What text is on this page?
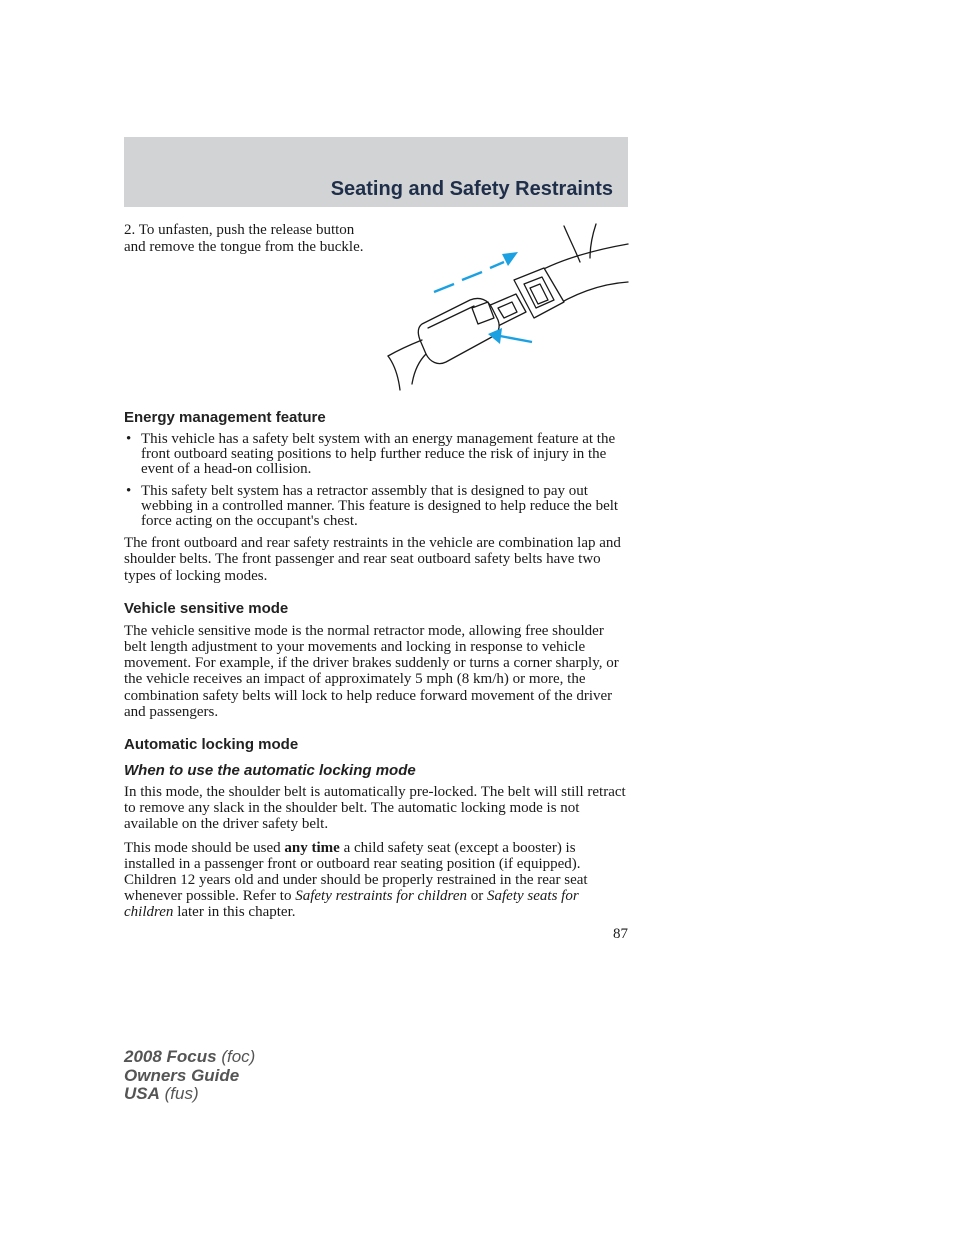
Seating and Safety Restraints
2. To unfasten, push the release button and remove the tongue from the buckle.
Energy management feature
• This vehicle has a safety belt system with an energy management feature at the front outboard seating positions to help further reduce the risk of injury in the event of a head-on collision.
• This safety belt system has a retractor assembly that is designed to pay out webbing in a controlled manner. This feature is designed to help reduce the belt force acting on the occupant's chest.
The front outboard and rear safety restraints in the vehicle are combination lap and shoulder belts. The front passenger and rear seat outboard safety belts have two types of locking modes.
Vehicle sensitive mode
The vehicle sensitive mode is the normal retractor mode, allowing free shoulder belt length adjustment to your movements and locking in response to vehicle movement. For example, if the driver brakes suddenly or turns a corner sharply, or the vehicle receives an impact of approximately 5 mph (8 km/h) or more, the combination safety belts will lock to help reduce forward movement of the driver and passengers.
Automatic locking mode
When to use the automatic locking mode
In this mode, the shoulder belt is automatically pre-locked. The belt will still retract to remove any slack in the shoulder belt. The automatic locking mode is not available on the driver safety belt.
This mode should be used any time a child safety seat (except a booster) is installed in a passenger front or outboard rear seating position (if equipped). Children 12 years old and under should be properly restrained in the rear seat whenever possible. Refer to Safety restraints for children or Safety seats for children later in this chapter.
87
2008 Focus (foc)
Owners Guide
USA (fus)
